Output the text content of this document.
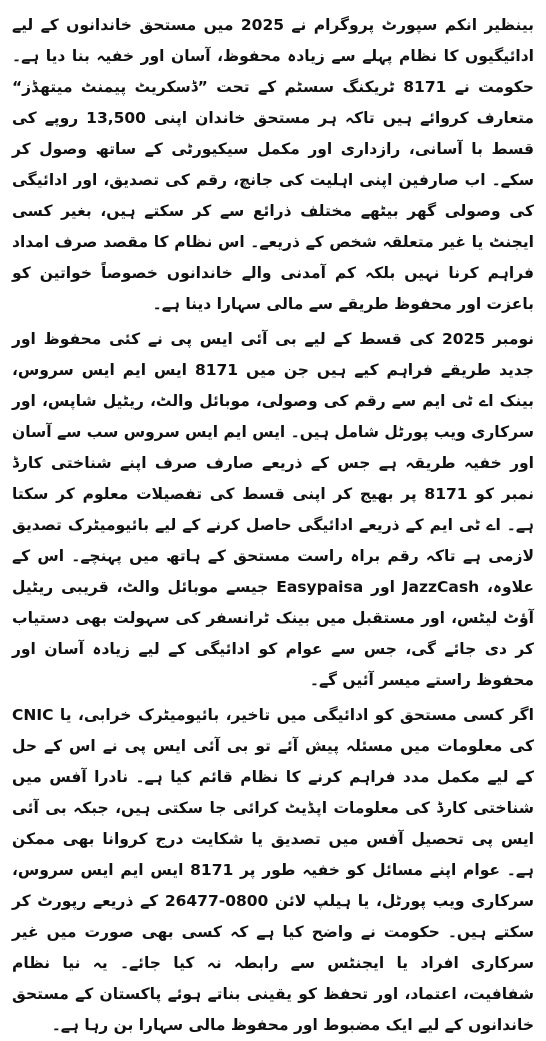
بینظیر انکم سپورٹ پروگرام نے 2025 میں مستحق خاندانوں کے لیے ادائیگیوں کا نظام پہلے سے زیادہ محفوظ، آسان اور خفیہ بنا دیا ہے۔ حکومت نے 8171 ٹریکنگ سسٹم کے تحت ”ڈسکریٹ پیمنٹ میتھڈز“ متعارف کروائے ہیں تاکہ ہر مستحق خاندان اپنی 13,500 روپے کی قسط با آسانی، رازداری اور مکمل سیکیورٹی کے ساتھ وصول کر سکے۔ اب صارفین اپنی اہلیت کی جانچ، رقم کی تصدیق، اور ادائیگی کی وصولی گھر بیٹھے مختلف ذرائع سے کر سکتے ہیں، بغیر کسی ایجنٹ یا غیر متعلقہ شخص کے ذریعے۔ اس نظام کا مقصد صرف امداد فراہم کرنا نہیں بلکہ کم آمدنی والے خاندانوں خصوصاً خواتین کو باعزت اور محفوظ طریقے سے مالی سہارا دینا ہے۔

نومبر 2025 کی قسط کے لیے بی آئی ایس پی نے کئی محفوظ اور جدید طریقے فراہم کیے ہیں جن میں 8171 ایس ایم ایس سروس، بینک اے ٹی ایم سے رقم کی وصولی، موبائل والٹ، ریٹیل شاپس، اور سرکاری ویب پورٹل شامل ہیں۔ ایس ایم ایس سروس سب سے آسان اور خفیہ طریقہ ہے جس کے ذریعے صارف صرف اپنے شناختی کارڈ نمبر کو 8171 پر بھیج کر اپنی قسط کی تفصیلات معلوم کر سکتا ہے۔ اے ٹی ایم کے ذریعے ادائیگی حاصل کرنے کے لیے بائیومیٹرک تصدیق لازمی ہے تاکہ رقم براہ راست مستحق کے ہاتھ میں پہنچے۔ اس کے علاوہ، JazzCash اور Easypaisa جیسے موبائل والٹ، قریبی ریٹیل آؤٹ لیٹس، اور مستقبل میں بینک ٹرانسفر کی سہولت بھی دستیاب کر دی جائے گی، جس سے عوام کو ادائیگی کے لیے زیادہ آسان اور محفوظ راستے میسر آئیں گے۔

اگر کسی مستحق کو ادائیگی میں تاخیر، بائیومیٹرک خرابی، یا CNIC کی معلومات میں مسئلہ پیش آئے تو بی آئی ایس پی نے اس کے حل کے لیے مکمل مدد فراہم کرنے کا نظام قائم کیا ہے۔ نادرا آفس میں شناختی کارڈ کی معلومات اپڈیٹ کرائی جا سکتی ہیں، جبکہ بی آئی ایس پی تحصیل آفس میں تصدیق یا شکایت درج کروانا بھی ممکن ہے۔ عوام اپنے مسائل کو خفیہ طور پر 8171 ایس ایم ایس سروس، سرکاری ویب پورٹل، یا ہیلپ لائن 0800-26477 کے ذریعے رپورٹ کر سکتے ہیں۔ حکومت نے واضح کیا ہے کہ کسی بھی صورت میں غیر سرکاری افراد یا ایجنٹس سے رابطہ نہ کیا جائے۔ یہ نیا نظام شفافیت، اعتماد، اور تحفظ کو یقینی بناتے ہوئے پاکستان کے مستحق خاندانوں کے لیے ایک مضبوط اور محفوظ مالی سہارا بن رہا ہے۔
